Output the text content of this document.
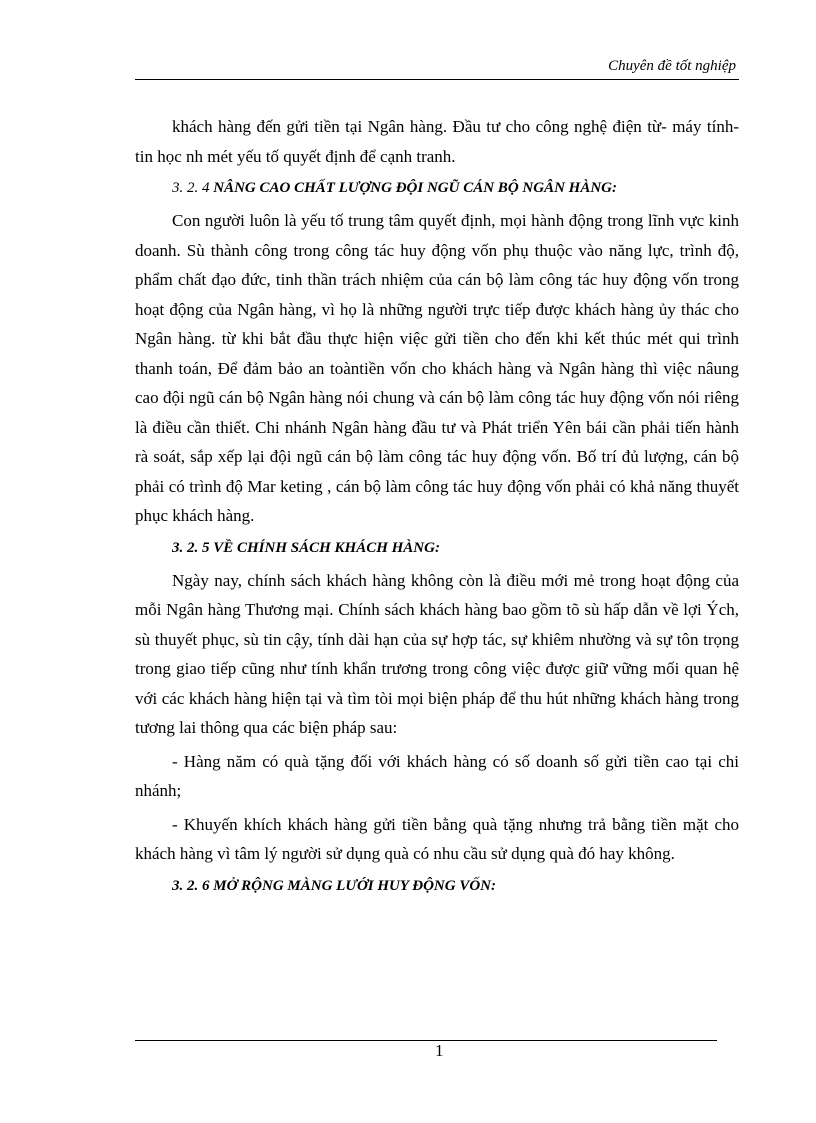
Chuyên đề tốt nghiệp

khách hàng đến gửi tiền tại Ngân hàng. Đầu tư cho công nghệ điện từ- máy tính- tin học nh mét yếu tố quyết định để cạnh tranh.

3. 2. 4 NÂNG CAO CHẤT LƯỢNG ĐỘI NGŨ CÁN BỘ NGÂN HÀNG:

Con người luôn là yếu tố trung tâm quyết định, mọi hành động trong lĩnh vực kinh doanh. Sù thành công trong công tác huy động vốn phụ thuộc vào năng lực, trình độ, phẩm chất đạo đức, tinh thần trách nhiệm của cán bộ làm công tác huy động vốn trong hoạt động của Ngân hàng, vì họ là những người trực tiếp được khách hàng ủy thác cho Ngân hàng. từ khi bắt đầu thực hiện việc gửi tiền cho đến khi kết thúc mét qui trình thanh toán, Để đảm bảo an toàntiền vốn cho khách hàng và Ngân hàng thì việc nâung cao đội ngũ cán bộ Ngân hàng nói chung và cán bộ làm công tác huy động vốn nói riêng là điều cần thiết. Chi nhánh Ngân hàng đầu tư và Phát triển Yên bái cần phải tiến hành rà soát, sắp xếp lại đội ngũ cán bộ làm công tác huy động vốn. Bố trí đủ lượng, cán bộ phải có trình độ Mar keting , cán bộ làm công tác huy động vốn phải có khả năng thuyết phục khách hàng.

3. 2. 5 VỀ CHÍNH SÁCH KHÁCH HÀNG:

Ngày nay, chính sách khách hàng không còn là điều mới mẻ trong hoạt động của mỗi Ngân hàng Thương mại. Chính sách khách hàng bao gồm tõ sù hấp dẫn về lợi Ých, sù thuyết phục, sù tin cậy, tính dài hạn của sự hợp tác, sự khiêm nhường và sự tôn trọng trong giao tiếp cũng như tính khẩn trương trong công việc được giữ vững mối quan hệ với các khách hàng hiện tại và tìm tòi mọi biện pháp để thu hút những khách hàng trong tương lai thông qua các biện pháp sau:

- Hàng năm có quà tặng đối với khách hàng có số doanh số gửi tiền cao tại chi nhánh;

- Khuyến khích khách hàng gửi tiền bằng quà tặng nhưng trả bằng tiền mặt cho khách hàng vì tâm lý người sử dụng quà có nhu cầu sử dụng quà đó hay không.

3. 2. 6 MỞ RỘNG MÀNG LƯỚI HUY ĐỘNG VỐN:

1
